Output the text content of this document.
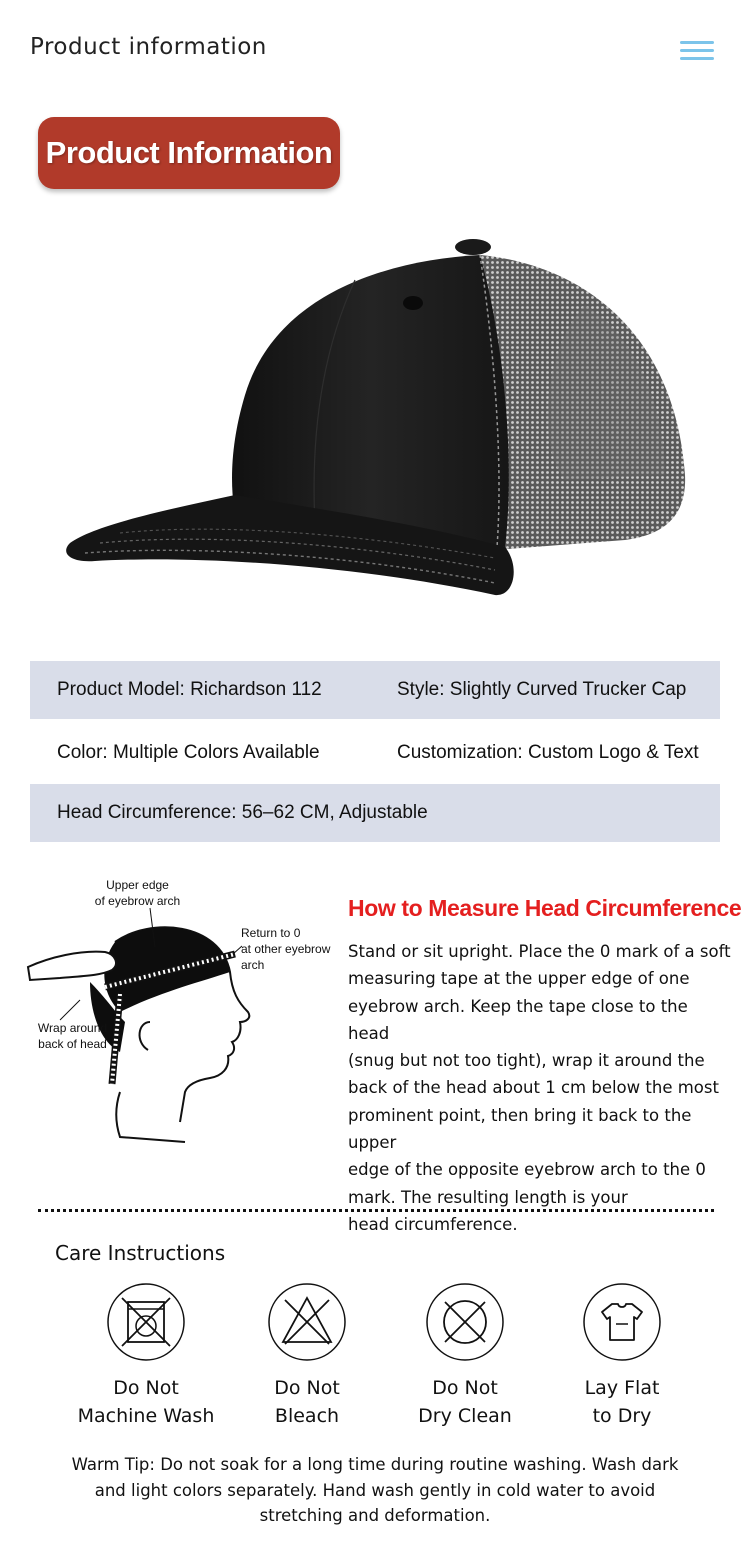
Product information
Product Information
Product Model: Richardson 112	Style: Slightly Curved Trucker Cap
Color: Multiple Colors Available	Customization: Custom Logo & Text
Head Circumference: 56–62 CM, Adjustable
Upper edge
of eyebrow arch
Return to 0
at other eyebrow
arch
Wrap around
back of head
How to Measure Head Circumference
Stand or sit upright. Place the 0 mark of a soft
measuring tape at the upper edge of one
eyebrow arch. Keep the tape close to the head
(snug but not too tight), wrap it around the
back of the head about 1 cm below the most
prominent point, then bring it back to the upper
edge of the opposite eyebrow arch to the 0
mark. The resulting length is your
head circumference.
Care Instructions
Do Not
Machine Wash
Do Not
Bleach
Do Not
Dry Clean
Lay Flat
to Dry
Warm Tip: Do not soak for a long time during routine washing. Wash dark
and light colors separately. Hand wash gently in cold water to avoid
stretching and deformation.
